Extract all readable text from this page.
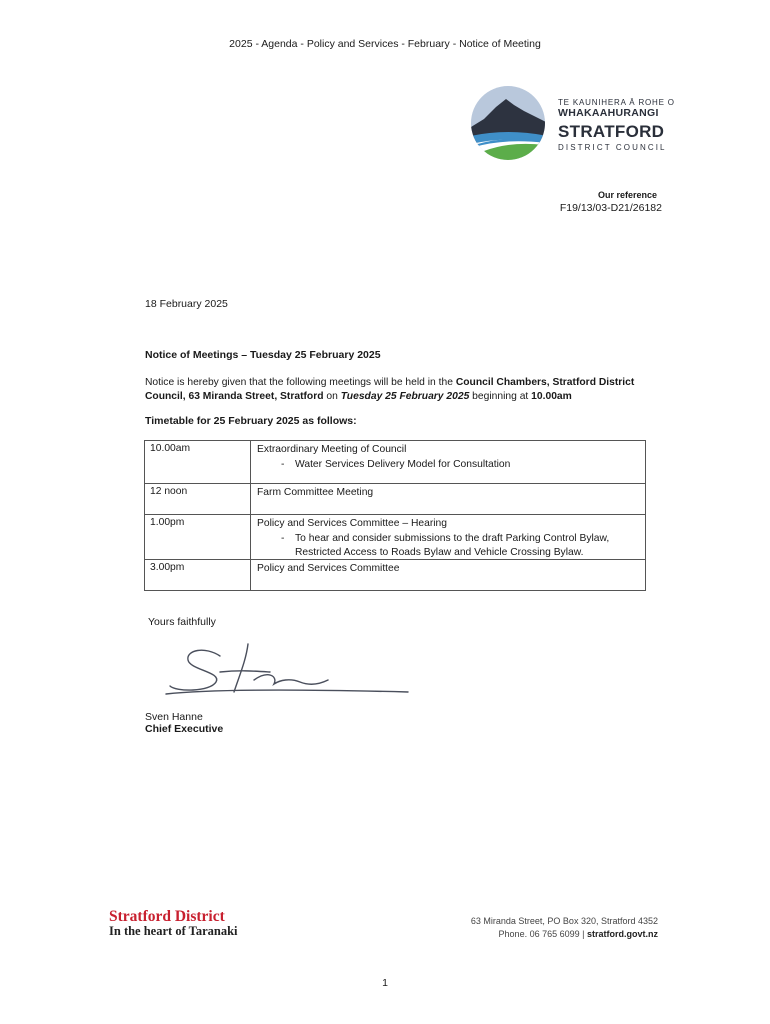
2025 - Agenda - Policy and Services - February - Notice of Meeting
TE KAUNIHERA Ā ROHE O
WHAKAAHURANGI
STRATFORD
DISTRICT COUNCIL
Our reference
F19/13/03-D21/26182
18 February 2025
Notice of Meetings – Tuesday 25 February 2025
Notice is hereby given that the following meetings will be held in the Council Chambers, Stratford District Council, 63 Miranda Street, Stratford on Tuesday 25 February 2025 beginning at 10.00am
Timetable for 25 February 2025 as follows:
10.00am	Extraordinary Meeting of Council
-	Water Services Delivery Model for Consultation
12 noon	Farm Committee Meeting
1.00pm	Policy and Services Committee – Hearing
-	To hear and consider submissions to the draft Parking Control Bylaw, Restricted Access to Roads Bylaw and Vehicle Crossing Bylaw.
3.00pm	Policy and Services Committee
Yours faithfully
Sven Hanne
Chief Executive
Stratford District
In the heart of Taranaki
63 Miranda Street, PO Box 320, Stratford 4352
Phone. 06 765 6099 | stratford.govt.nz
1
